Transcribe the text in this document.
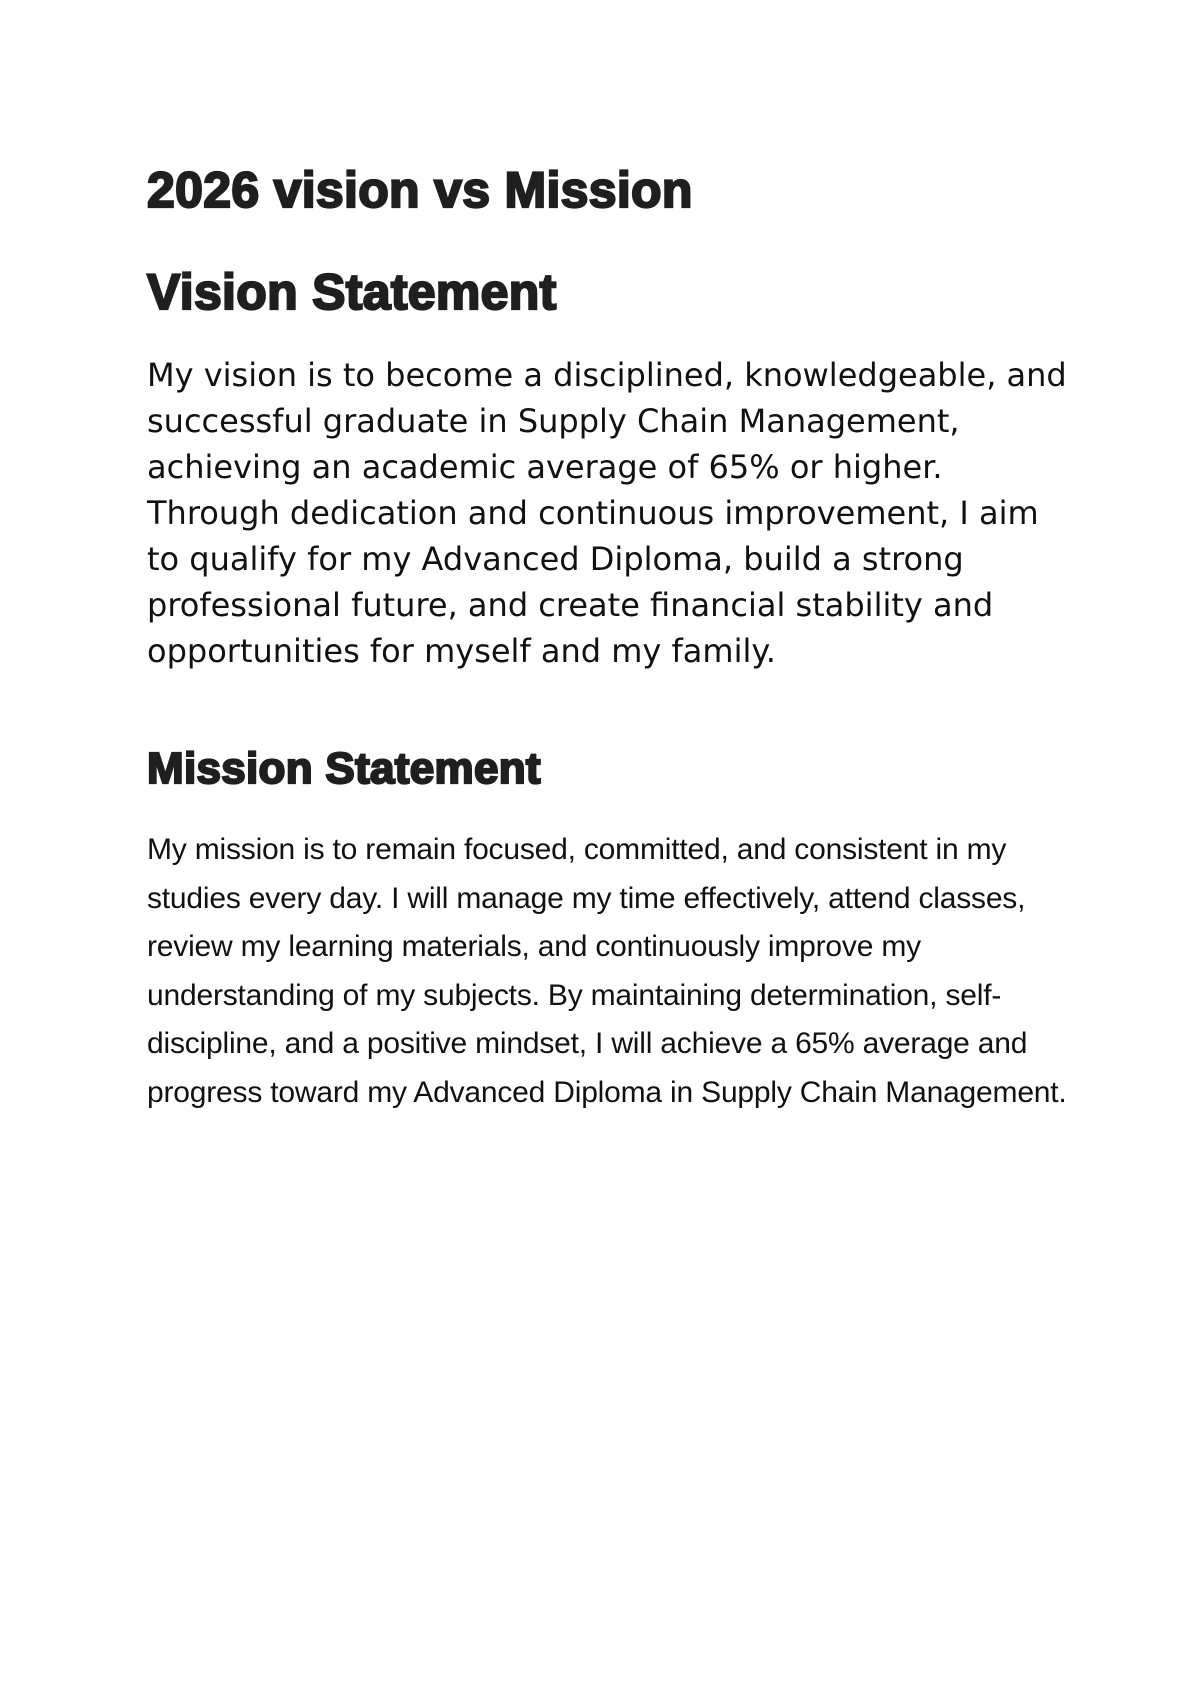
2026 vision vs Mission
Vision Statement

My vision is to become a disciplined, knowledgeable, and successful graduate in Supply Chain Management, achieving an academic average of 65% or higher. Through dedication and continuous improvement, I aim to qualify for my Advanced Diploma, build a strong professional future, and create financial stability and opportunities for myself and my family.

Mission Statement

My mission is to remain focused, committed, and consistent in my studies every day. I will manage my time effectively, attend classes, review my learning materials, and continuously improve my understanding of my subjects. By maintaining determination, self-discipline, and a positive mindset, I will achieve a 65% average and progress toward my Advanced Diploma in Supply Chain Management.
